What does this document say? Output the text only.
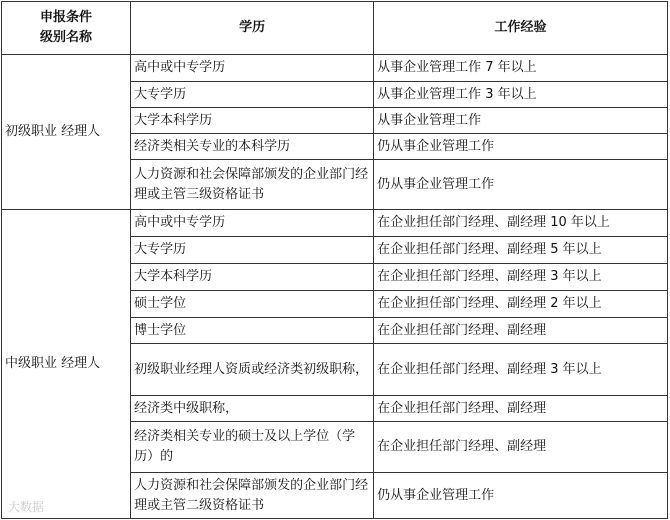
申报条件
级别名称	学历	工作经验
初级职业 经理人	高中或中专学历	从事企业管理工作 7 年以上
	大专学历	从事企业管理工作 3 年以上
	大学本科学历	从事企业管理工作
	经济类相关专业的本科学历	仍从事企业管理工作
	人力资源和社会保障部颁发的企业部门经理或主管三级资格证书	仍从事企业管理工作
中级职业 经理人	高中或中专学历	在企业担任部门经理、副经理 10 年以上
	大专学历	在企业担任部门经理、副经理 5 年以上
	大学本科学历	在企业担任部门经理、副经理 3 年以上
	硕士学位	在企业担任部门经理、副经理 2 年以上
	博士学位	在企业担任部门经理、副经理
	初级职业经理人资质或经济类初级职称，	在企业担任部门经理、副经理 3 年以上
	经济类中级职称，	在企业担任部门经理、副经理
	经济类相关专业的硕士及以上学位（学历）的	在企业担任部门经理、副经理
	人力资源和社会保障部颁发的企业部门经理或主管二级资格证书	仍从事企业管理工作
大数据
